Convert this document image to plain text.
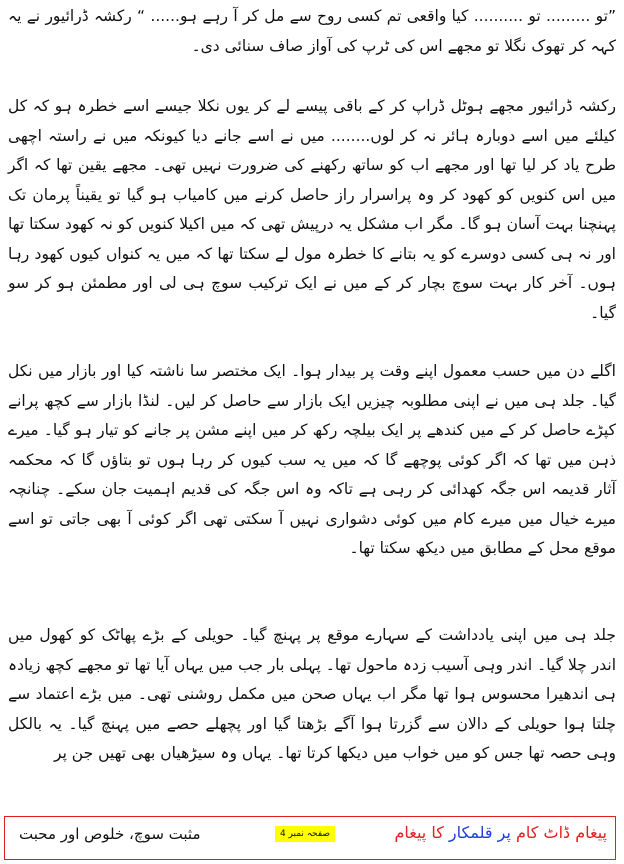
”تو ......... تو .......... کیا واقعی تم کسی روح سے مل کر آ رہے ہو...... “ رکشہ ڈرائیور نے یہ کہہ کر تھوک نگلا تو مجھے اس کی ٹرپ کی آواز صاف سنائی دی۔

رکشہ ڈرائیور مجھے ہوٹل ڈراپ کر کے باقی پیسے لے کر یوں نکلا جیسے اسے خطرہ ہو کہ کل کیلئے میں اسے دوبارہ ہائر نہ کر لوں........ میں نے اسے جانے دیا کیونکہ میں نے راستہ اچھی طرح یاد کر لیا تھا اور مجھے اب کو ساتھ رکھنے کی ضرورت نہیں تھی۔ مجھے یقین تھا کہ اگر میں اس کنویں کو کھود کر وہ پراسرار راز حاصل کرنے میں کامیاب ہو گیا تو یقیناً پرمان تک پہنچنا بہت آسان ہو گا۔ مگر اب مشکل یہ درپیش تھی کہ میں اکیلا کنویں کو نہ کھود سکتا تھا اور نہ ہی کسی دوسرے کو یہ بتانے کا خطرہ مول لے سکتا تھا کہ میں یہ کنواں کیوں کھود رہا ہوں۔ آخر کار بہت سوچ بچار کر کے میں نے ایک ترکیب سوچ ہی لی اور مطمئن ہو کر سو گیا۔

اگلے دن میں حسب معمول اپنے وقت پر بیدار ہوا۔ ایک مختصر سا ناشتہ کیا اور بازار میں نکل گیا۔ جلد ہی میں نے اپنی مطلوبہ چیزیں ایک بازار سے حاصل کر لیں۔ لنڈا بازار سے کچھ پرانے کپڑے حاصل کر کے میں کندھے پر ایک بیلچہ رکھ کر میں اپنے مشن پر جانے کو تیار ہو گیا۔ میرے ذہن میں تھا کہ اگر کوئی پوچھے گا کہ میں یہ سب کیوں کر رہا ہوں تو بتاؤں گا کہ محکمہ آثار قدیمہ اس جگہ کھدائی کر رہی ہے تاکہ وہ اس جگہ کی قدیم اہمیت جان سکے۔ چنانچہ میرے خیال میں میرے کام میں کوئی دشواری نہیں آ سکتی تھی اگر کوئی آ بھی جاتی تو اسے موقع محل کے مطابق میں دیکھ سکتا تھا۔

جلد ہی میں اپنی یادداشت کے سہارے موقع پر پہنچ گیا۔ حویلی کے بڑے پھاٹک کو کھول میں اندر چلا گیا۔ اندر وہی آسیب زدہ ماحول تھا۔ پہلی بار جب میں یہاں آیا تھا تو مجھے کچھ زیادہ ہی اندھیرا محسوس ہوا تھا مگر اب یہاں صحن میں مکمل روشنی تھی۔ میں بڑے اعتماد سے چلتا ہوا حویلی کے دالان سے گزرتا ہوا آگے بڑھتا گیا اور پچھلے حصے میں پہنچ گیا۔ یہ بالکل وہی حصہ تھا جس کو میں خواب میں دیکھا کرتا تھا۔ یہاں وہ سیڑھیاں بھی تھیں جن پر

مثبت سوچ، خلوص اور محبت	صفحہ نمبر 4	پیغام ڈاٹ کام پر قلمکار کا پیغام
